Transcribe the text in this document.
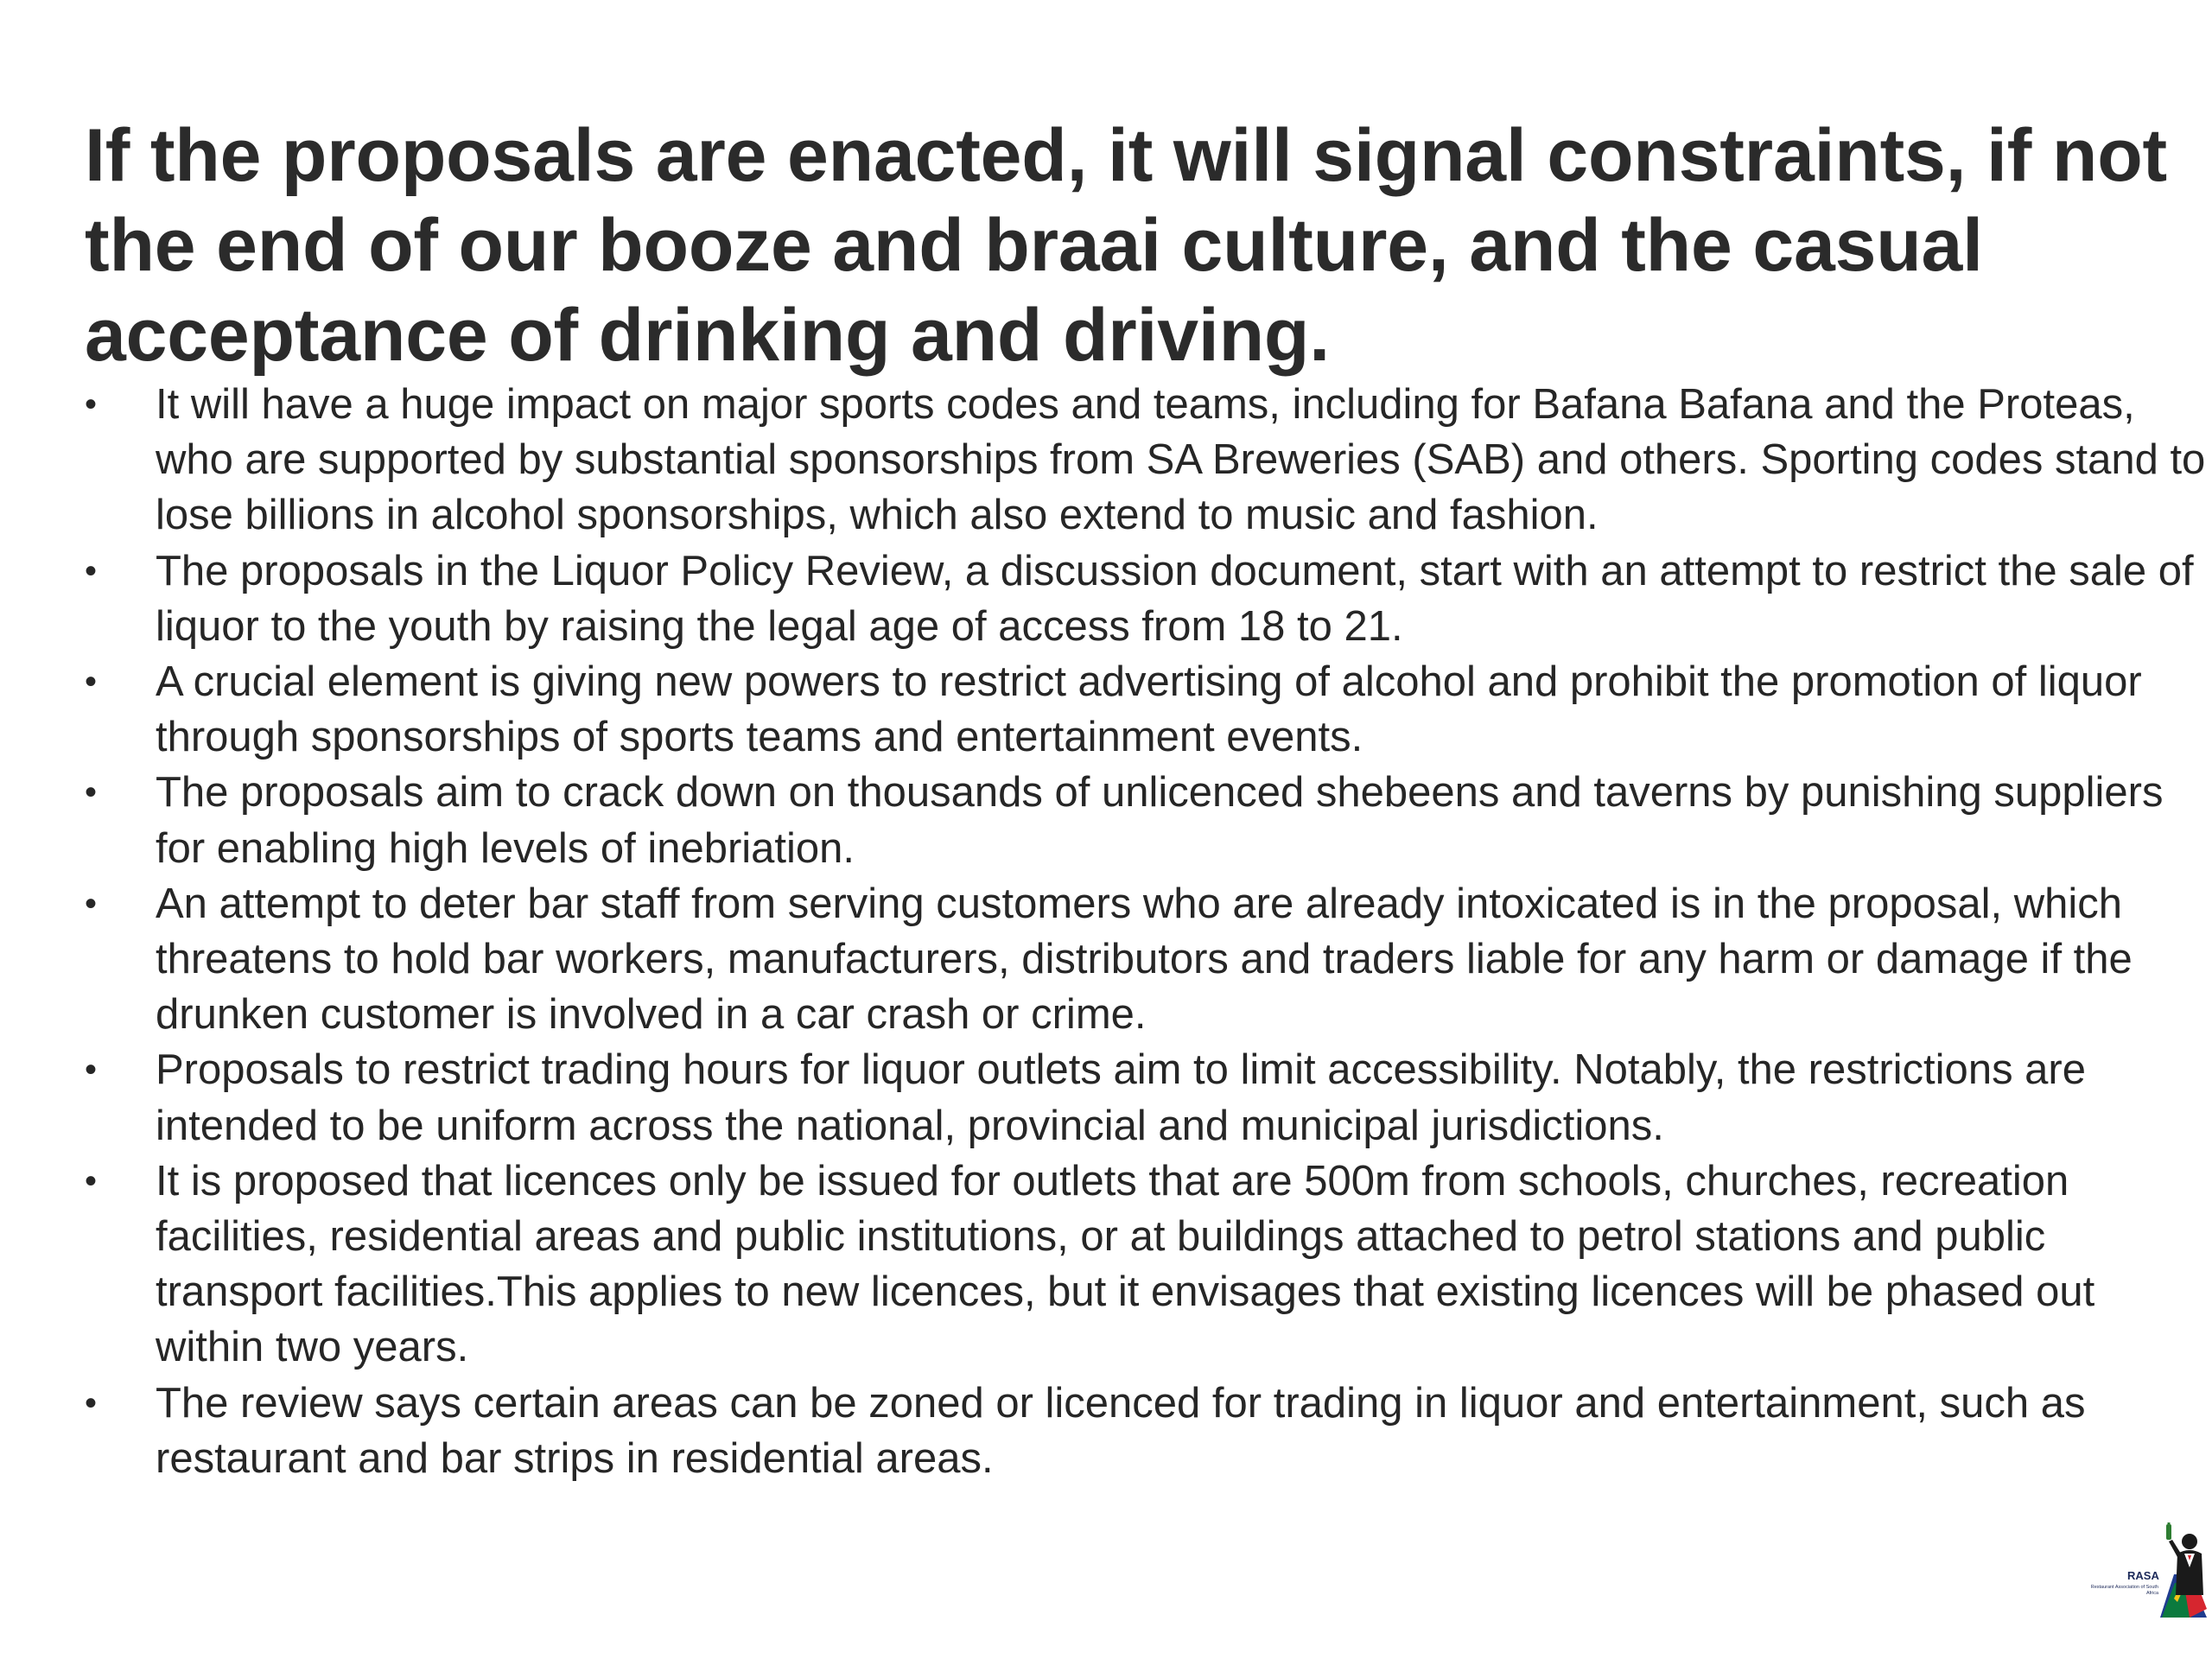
If the proposals are enacted, it will signal constraints, if not the end of our booze and braai culture, and the casual acceptance of drinking and driving.
•	It will have a huge impact on major sports codes and teams, including for Bafana Bafana and the Proteas, who are supported by substantial sponsorships from SA Breweries (SAB) and others. Sporting codes stand to lose billions in alcohol sponsorships, which also extend to music and fashion.
•	The proposals in the Liquor Policy Review, a discussion document, start with an attempt to restrict the sale of liquor to the youth by raising the legal age of access from 18 to 21.
•	A crucial element is giving new powers to restrict advertising of alcohol and prohibit the promotion of liquor through sponsorships of sports teams and entertainment events.
•	The proposals aim to crack down on thousands of unlicenced shebeens and taverns by punishing suppliers for enabling high levels of inebriation.
•	An attempt to deter bar staff from serving customers who are already intoxicated is in the proposal, which threatens to hold bar workers, manufacturers, distributors and traders liable for any harm or damage if the drunken customer is involved in a car crash or crime.
•	Proposals to restrict trading hours for liquor outlets aim to limit accessibility. Notably, the restrictions are intended to be uniform across the national, provincial and municipal jurisdictions.
•	It is proposed that licences only be issued for outlets that are 500m from schools, churches, recreation facilities, residential areas and public institutions, or at buildings attached to petrol stations and public transport facilities.This applies to new licences, but it envisages that existing licences will be phased out within two years.
•	The review says certain areas can be zoned or licenced for trading in liquor and entertainment, such as restaurant and bar strips in residential areas.
RASA
Restaurant Association of South Africa
